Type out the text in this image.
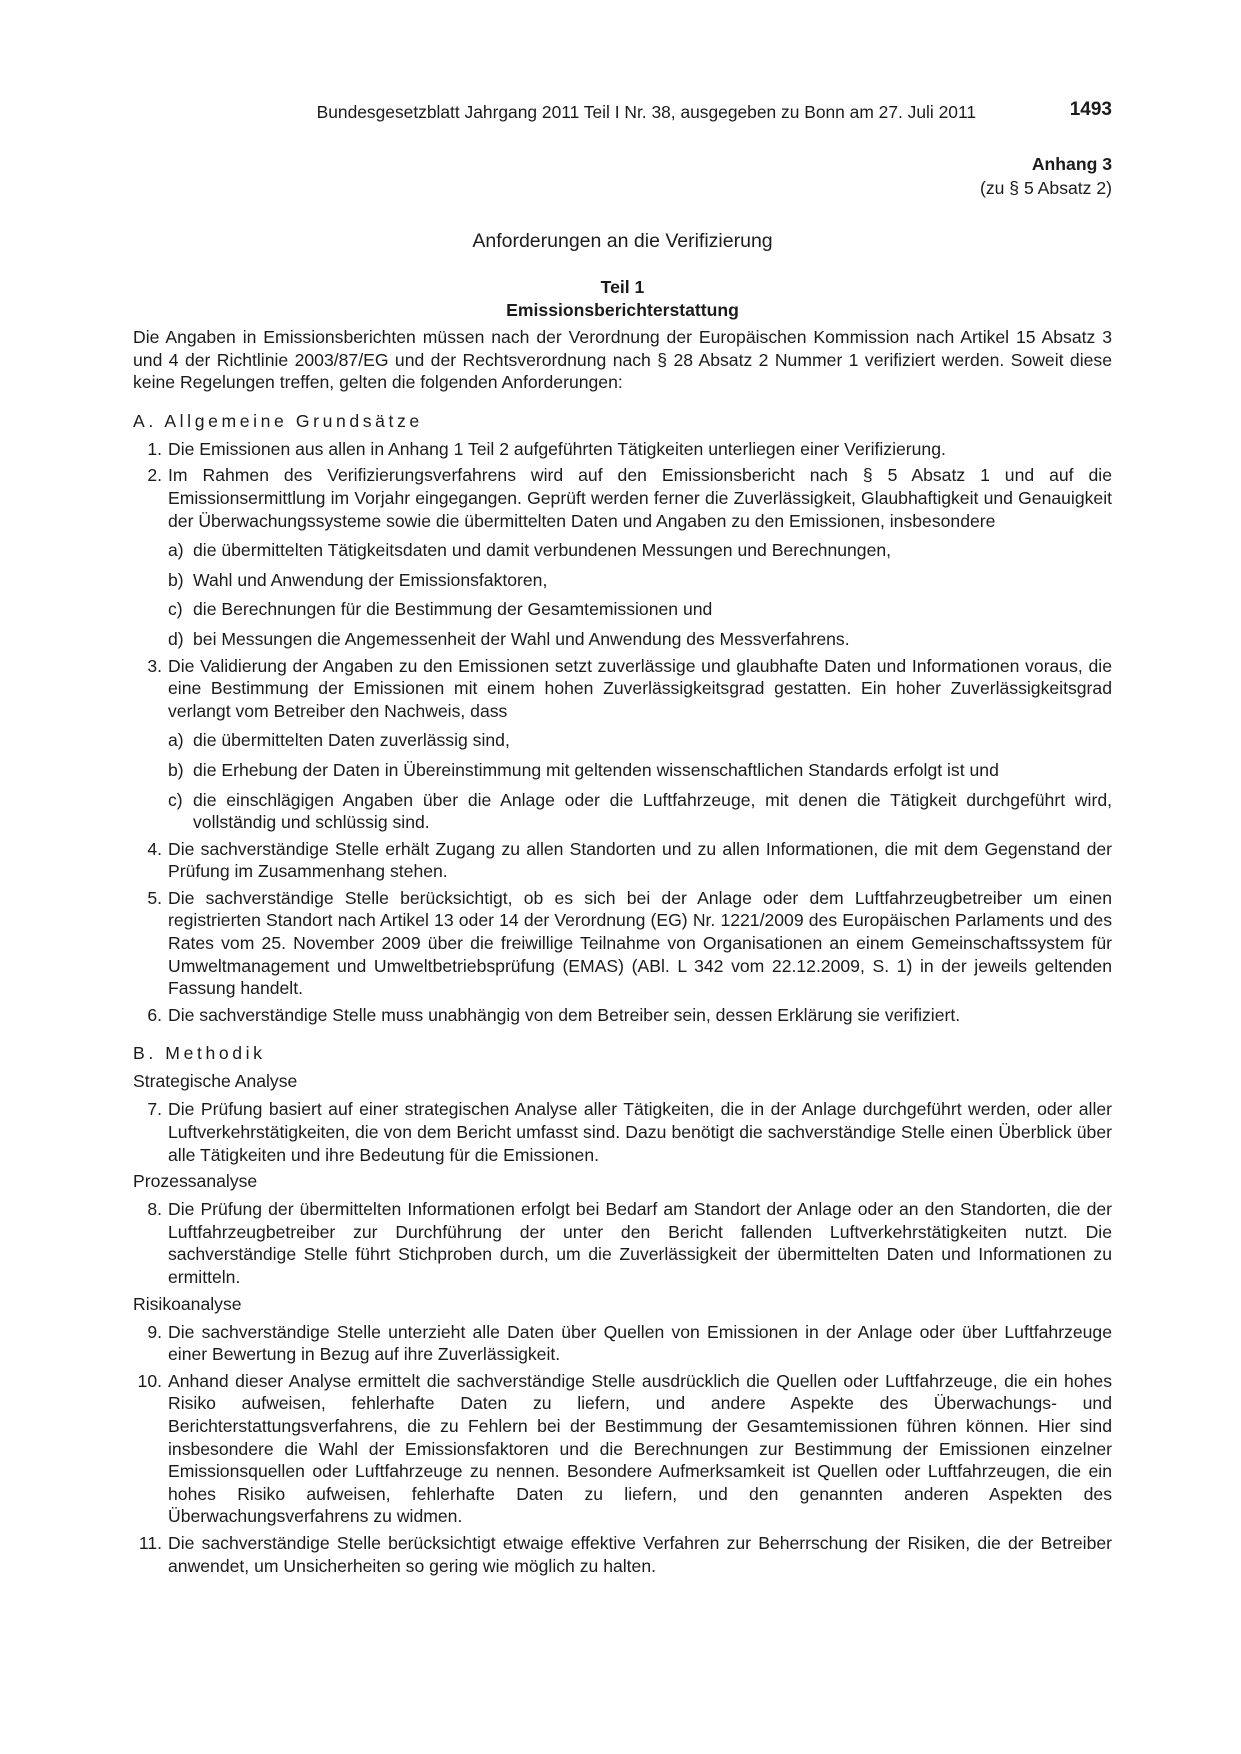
Bundesgesetzblatt Jahrgang 2011 Teil I Nr. 38, ausgegeben zu Bonn am 27. Juli 2011	1493
Anhang 3
(zu § 5 Absatz 2)
Anforderungen an die Verifizierung
Teil 1
Emissionsberichterstattung

Die Angaben in Emissionsberichten müssen nach der Verordnung der Europäischen Kommission nach Artikel 15 Absatz 3 und 4 der Richtlinie 2003/87/EG und der Rechtsverordnung nach § 28 Absatz 2 Nummer 1 verifiziert werden. Soweit diese keine Regelungen treffen, gelten die folgenden Anforderungen:

A. Allgemeine Grundsätze
1. Die Emissionen aus allen in Anhang 1 Teil 2 aufgeführten Tätigkeiten unterliegen einer Verifizierung.
2. Im Rahmen des Verifizierungsverfahrens wird auf den Emissionsbericht nach § 5 Absatz 1 und auf die Emissionsermittlung im Vorjahr eingegangen. Geprüft werden ferner die Zuverlässigkeit, Glaubhaftigkeit und Genauigkeit der Überwachungssysteme sowie die übermittelten Daten und Angaben zu den Emissionen, insbesondere
a) die übermittelten Tätigkeitsdaten und damit verbundenen Messungen und Berechnungen,
b) Wahl und Anwendung der Emissionsfaktoren,
c) die Berechnungen für die Bestimmung der Gesamtemissionen und
d) bei Messungen die Angemessenheit der Wahl und Anwendung des Messverfahrens.
3. Die Validierung der Angaben zu den Emissionen setzt zuverlässige und glaubhafte Daten und Informationen voraus, die eine Bestimmung der Emissionen mit einem hohen Zuverlässigkeitsgrad gestatten. Ein hoher Zuverlässigkeitsgrad verlangt vom Betreiber den Nachweis, dass
a) die übermittelten Daten zuverlässig sind,
b) die Erhebung der Daten in Übereinstimmung mit geltenden wissenschaftlichen Standards erfolgt ist und
c) die einschlägigen Angaben über die Anlage oder die Luftfahrzeuge, mit denen die Tätigkeit durchgeführt wird, vollständig und schlüssig sind.
4. Die sachverständige Stelle erhält Zugang zu allen Standorten und zu allen Informationen, die mit dem Gegenstand der Prüfung im Zusammenhang stehen.
5. Die sachverständige Stelle berücksichtigt, ob es sich bei der Anlage oder dem Luftfahrzeugbetreiber um einen registrierten Standort nach Artikel 13 oder 14 der Verordnung (EG) Nr. 1221/2009 des Europäischen Parlaments und des Rates vom 25. November 2009 über die freiwillige Teilnahme von Organisationen an einem Gemeinschaftssystem für Umweltmanagement und Umweltbetriebsprüfung (EMAS) (ABl. L 342 vom 22.12.2009, S. 1) in der jeweils geltenden Fassung handelt.
6. Die sachverständige Stelle muss unabhängig von dem Betreiber sein, dessen Erklärung sie verifiziert.
B. Methodik
Strategische Analyse
7. Die Prüfung basiert auf einer strategischen Analyse aller Tätigkeiten, die in der Anlage durchgeführt werden, oder aller Luftverkehrstätigkeiten, die von dem Bericht umfasst sind. Dazu benötigt die sachverständige Stelle einen Überblick über alle Tätigkeiten und ihre Bedeutung für die Emissionen.
Prozessanalyse
8. Die Prüfung der übermittelten Informationen erfolgt bei Bedarf am Standort der Anlage oder an den Standorten, die der Luftfahrzeugbetreiber zur Durchführung der unter den Bericht fallenden Luftverkehrstätigkeiten nutzt. Die sachverständige Stelle führt Stichproben durch, um die Zuverlässigkeit der übermittelten Daten und Informationen zu ermitteln.
Risikoanalyse
9. Die sachverständige Stelle unterzieht alle Daten über Quellen von Emissionen in der Anlage oder über Luftfahrzeuge einer Bewertung in Bezug auf ihre Zuverlässigkeit.
10. Anhand dieser Analyse ermittelt die sachverständige Stelle ausdrücklich die Quellen oder Luftfahrzeuge, die ein hohes Risiko aufweisen, fehlerhafte Daten zu liefern, und andere Aspekte des Überwachungs- und Berichterstattungsverfahrens, die zu Fehlern bei der Bestimmung der Gesamtemissionen führen können. Hier sind insbesondere die Wahl der Emissionsfaktoren und die Berechnungen zur Bestimmung der Emissionen einzelner Emissionsquellen oder Luftfahrzeuge zu nennen. Besondere Aufmerksamkeit ist Quellen oder Luftfahrzeugen, die ein hohes Risiko aufweisen, fehlerhafte Daten zu liefern, und den genannten anderen Aspekten des Überwachungsverfahrens zu widmen.
11. Die sachverständige Stelle berücksichtigt etwaige effektive Verfahren zur Beherrschung der Risiken, die der Betreiber anwendet, um Unsicherheiten so gering wie möglich zu halten.
